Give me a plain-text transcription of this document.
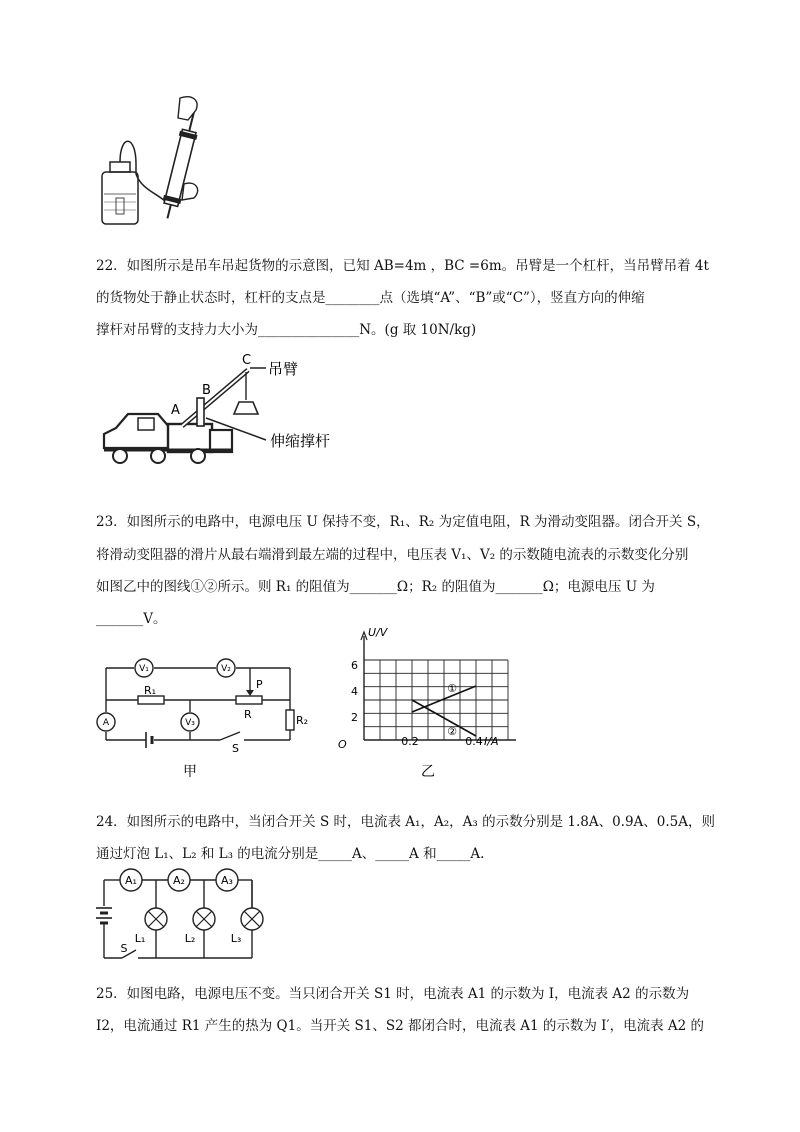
22．如图所示是吊车吊起货物的示意图，已知 AB=4m ，BC =6m。吊臂是一个杠杆，当吊臂吊着 4t
的货物处于静止状态时，杠杆的支点是________点（选填“A”、“B”或“C”），竖直方向的伸缩
撑杆对吊臂的支持力大小为_______________N。(g 取 10N/kg)
C
B
A
吊臂
伸缩撑杆
23．如图所示的电路中，电源电压 U 保持不变，R₁、R₂ 为定值电阻，R 为滑动变阻器。闭合开关 S，
将滑动变阻器的滑片从最右端滑到最左端的过程中，电压表 V₁、V₂ 的示数随电流表的示数变化分别
如图乙中的图线①②所示。则 R₁ 的阻值为_______Ω；R₂ 的阻值为_______Ω；电源电压 U 为
_______V。
V₁	V₂
V₃
A
R₁
R	R₂
P
S
甲
U/V
I/A
O
6
4
2
0.2	0.4
①
②
乙
24．如图所示的电路中，当闭合开关 S 时，电流表 A₁，A₂，A₃ 的示数分别是 1.8A、0.9A、0.5A，则
通过灯泡 L₁、L₂ 和 L₃ 的电流分别是_____A、_____A 和_____A.
A₁	A₂	A₃
L₁	L₂	L₃
S
25．如图电路，电源电压不变。当只闭合开关 S1 时，电流表 A1 的示数为 I，电流表 A2 的示数为
I2，电流通过 R1 产生的热为 Q1。当开关 S1、S2 都闭合时，电流表 A1 的示数为 I′，电流表 A2 的
